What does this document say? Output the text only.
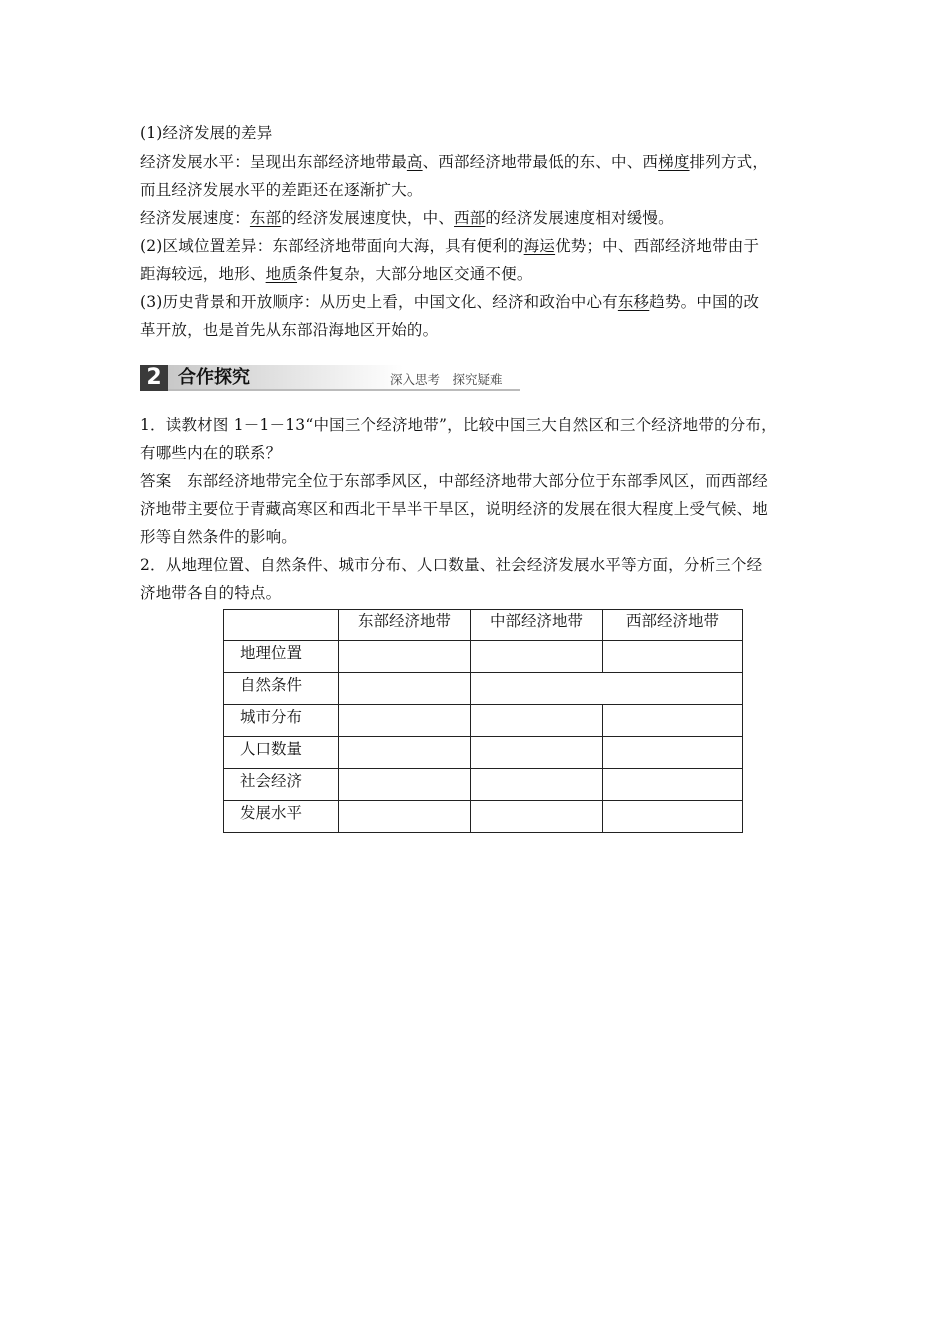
(1)经济发展的差异
经济发展水平：呈现出东部经济地带最高、西部经济地带最低的东、中、西梯度排列方式，
而且经济发展水平的差距还在逐渐扩大。
经济发展速度：东部的经济发展速度快，中、西部的经济发展速度相对缓慢。
(2)区域位置差异：东部经济地带面向大海，具有便利的海运优势；中、西部经济地带由于
距海较远，地形、地质条件复杂，大部分地区交通不便。
(3)历史背景和开放顺序：从历史上看，中国文化、经济和政治中心有东移趋势。中国的改
革开放，也是首先从东部沿海地区开始的。
2 合作探究	深入思考　探究疑难
1．读教材图 1－1－13“中国三个经济地带”，比较中国三大自然区和三个经济地带的分布，
有哪些内在的联系？
答案　东部经济地带完全位于东部季风区，中部经济地带大部分位于东部季风区，而西部经
济地带主要位于青藏高寒区和西北干旱半干旱区，说明经济的发展在很大程度上受气候、地
形等自然条件的影响。
2．从地理位置、自然条件、城市分布、人口数量、社会经济发展水平等方面，分析三个经
济地带各自的特点。
	东部经济地带	中部经济地带	西部经济地带
地理位置			
自然条件			
城市分布			
人口数量			
社会经济			
发展水平			
